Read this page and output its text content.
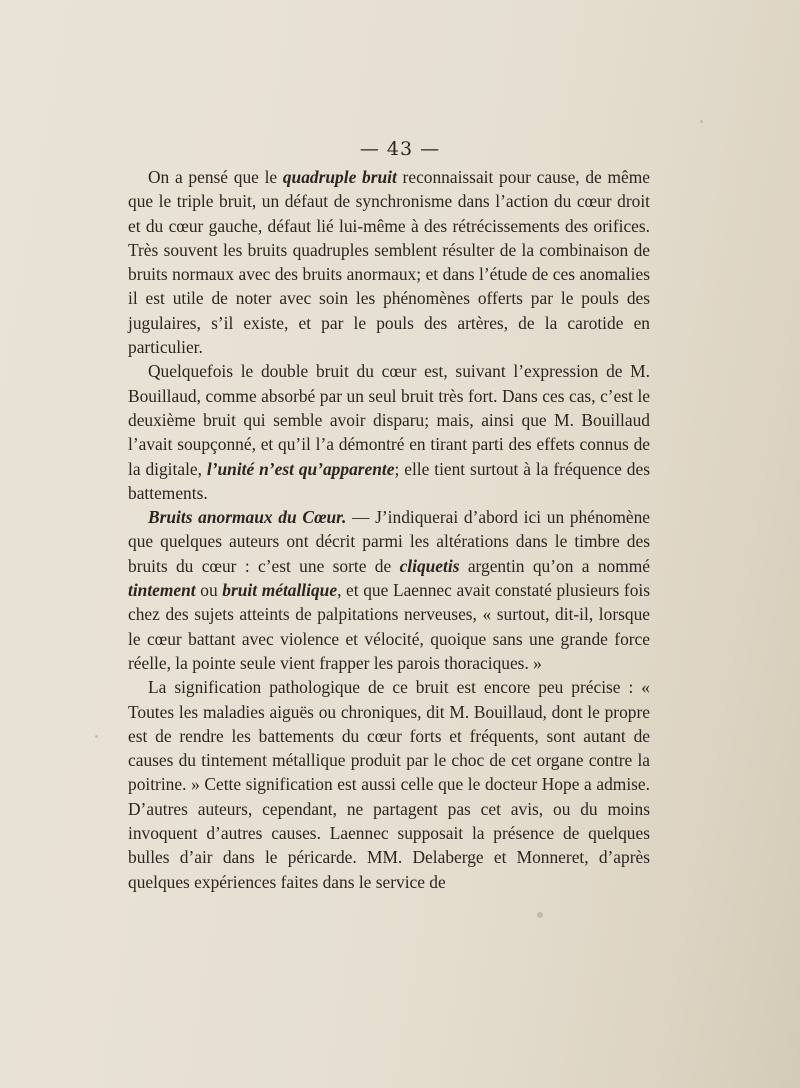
— 43 —

On a pensé que le quadruple bruit reconnaissait pour cause, de même que le triple bruit, un défaut de synchronisme dans l’action du cœur droit et du cœur gauche, défaut lié lui-même à des rétrécissements des orifices. Très souvent les bruits quadruples semblent résulter de la combinaison de bruits normaux avec des bruits anormaux; et dans l’étude de ces anomalies il est utile de noter avec soin les phénomènes offerts par le pouls des jugulaires, s’il existe, et par le pouls des artères, de la carotide en particulier.

Quelquefois le double bruit du cœur est, suivant l’expression de M. Bouillaud, comme absorbé par un seul bruit très fort. Dans ces cas, c’est le deuxième bruit qui semble avoir disparu; mais, ainsi que M. Bouillaud l’avait soupçonné, et qu’il l’a démontré en tirant parti des effets connus de la digitale, l’unité n’est qu’apparente; elle tient surtout à la fréquence des battements.

Bruits anormaux du Cœur. — J’indiquerai d’abord ici un phénomène que quelques auteurs ont décrit parmi les altérations dans le timbre des bruits du cœur : c’est une sorte de cliquetis argentin qu’on a nommé tintement ou bruit métallique, et que Laennec avait constaté plusieurs fois chez des sujets atteints de palpitations nerveuses, « surtout, dit-il, lorsque le cœur battant avec violence et vélocité, quoique sans une grande force réelle, la pointe seule vient frapper les parois thoraciques. »

La signification pathologique de ce bruit est encore peu précise : « Toutes les maladies aiguës ou chroniques, dit M. Bouillaud, dont le propre est de rendre les battements du cœur forts et fréquents, sont autant de causes du tintement métallique produit par le choc de cet organe contre la poitrine. » Cette signification est aussi celle que le docteur Hope a admise. D’autres auteurs, cependant, ne partagent pas cet avis, ou du moins invoquent d’autres causes. Laennec supposait la présence de quelques bulles d’air dans le péricarde. MM. Delaberge et Monneret, d’après quelques expériences faites dans le service de
